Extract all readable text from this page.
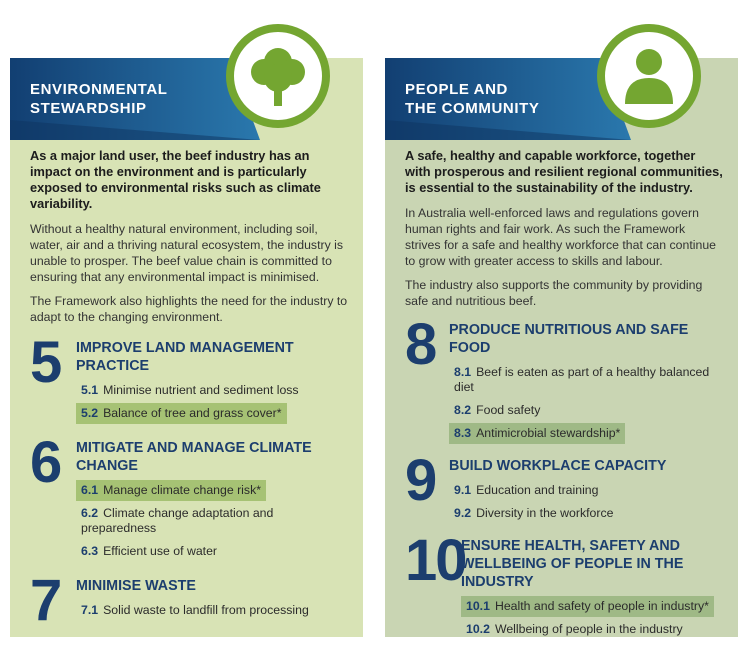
ENVIRONMENTAL
STEWARDSHIP

As a major land user, the beef industry has an impact on the environment and is particularly exposed to environmental risks such as climate variability.

Without a healthy natural environment, including soil, water, air and a thriving natural ecosystem, the industry is unable to prosper. The beef value chain is committed to ensuring that any environmental impact is minimised.

The Framework also highlights the need for the industry to adapt to the changing environment.

5 IMPROVE LAND MANAGEMENT PRACTICE
5.1 Minimise nutrient and sediment loss
5.2 Balance of tree and grass cover*
6 MITIGATE AND MANAGE CLIMATE CHANGE
6.1 Manage climate change risk*
6.2 Climate change adaptation and preparedness
6.3 Efficient use of water
7 MINIMISE WASTE
7.1 Solid waste to landfill from processing
PEOPLE AND
THE COMMUNITY

A safe, healthy and capable workforce, together with prosperous and resilient regional communities, is essential to the sustainability of the industry.

In Australia well-enforced laws and regulations govern human rights and fair work. As such the Framework strives for a safe and healthy workforce that can continue to grow with greater access to skills and labour.

The industry also supports the community by providing safe and nutritious beef.

8 PRODUCE NUTRITIOUS AND SAFE FOOD
8.1 Beef is eaten as part of a healthy balanced diet
8.2 Food safety
8.3 Antimicrobial stewardship*
9 BUILD WORKPLACE CAPACITY
9.1 Education and training
9.2 Diversity in the workforce
10
ENSURE HEALTH, SAFETY AND WELLBEING OF PEOPLE IN THE INDUSTRY
10.1 Health and safety of people in industry*
10.2 Wellbeing of people in the industry
